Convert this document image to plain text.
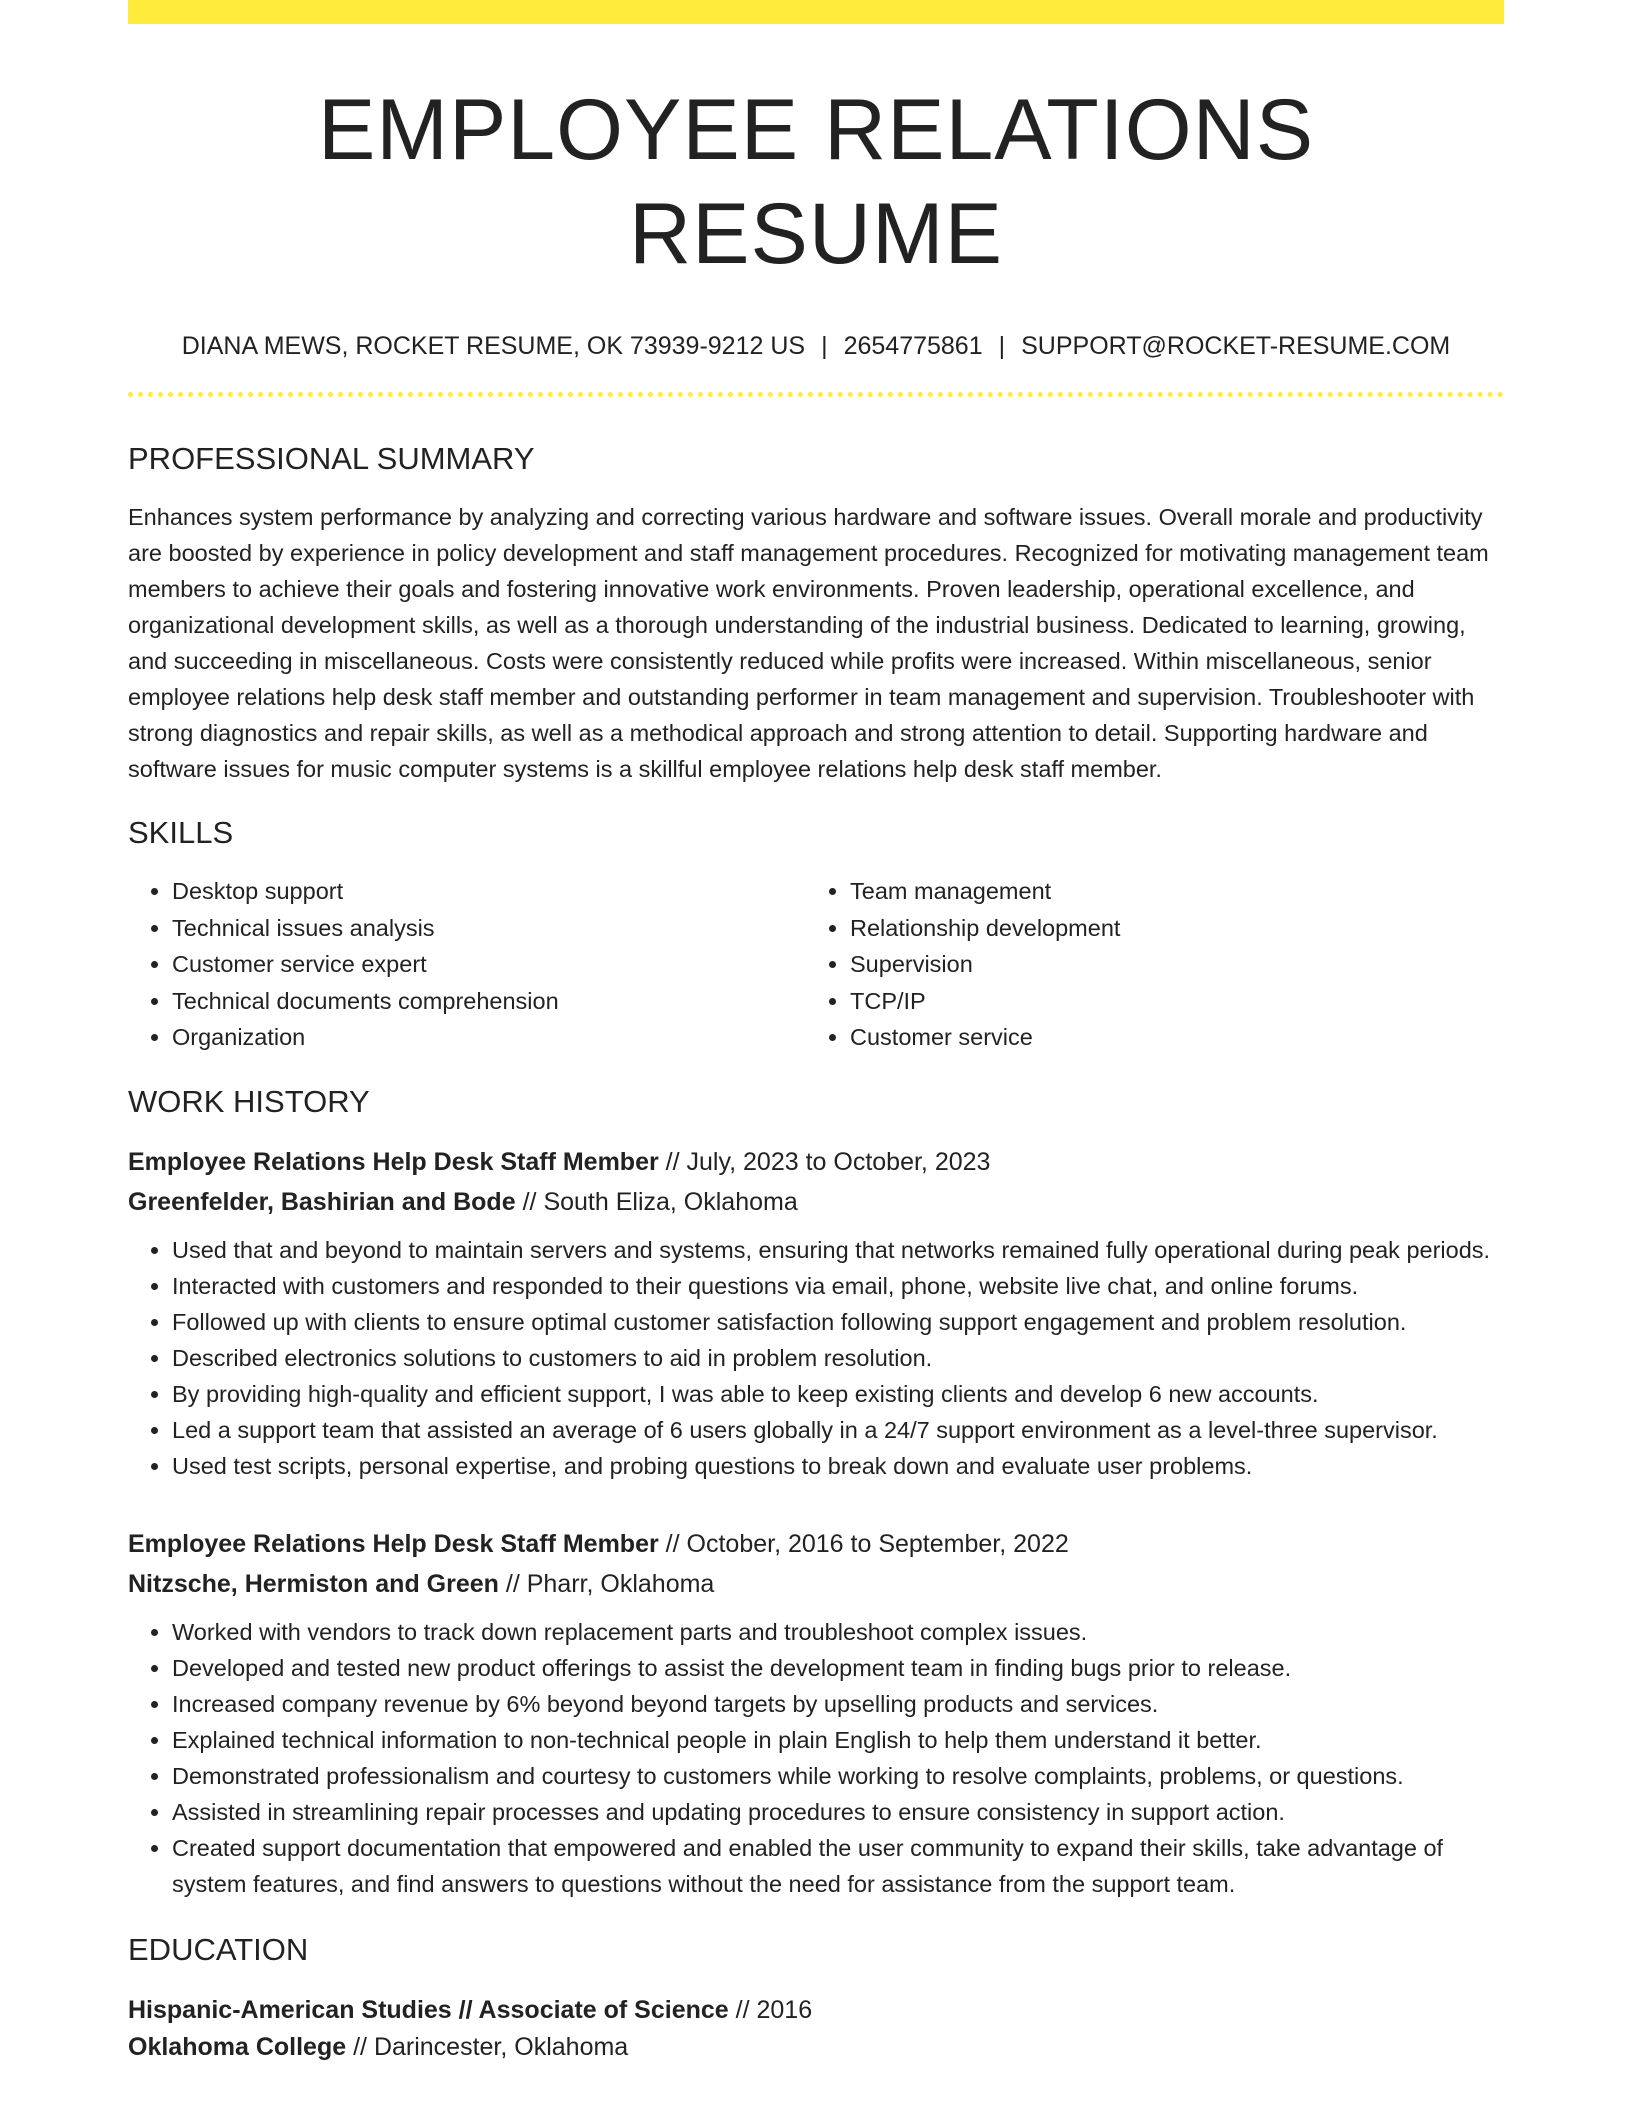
EMPLOYEE RELATIONS RESUME
DIANA MEWS, ROCKET RESUME, OK 73939-9212 US | 2654775861 | SUPPORT@ROCKET-RESUME.COM
PROFESSIONAL SUMMARY
Enhances system performance by analyzing and correcting various hardware and software issues. Overall morale and productivity are boosted by experience in policy development and staff management procedures. Recognized for motivating management team members to achieve their goals and fostering innovative work environments. Proven leadership, operational excellence, and organizational development skills, as well as a thorough understanding of the industrial business. Dedicated to learning, growing, and succeeding in miscellaneous. Costs were consistently reduced while profits were increased. Within miscellaneous, senior employee relations help desk staff member and outstanding performer in team management and supervision. Troubleshooter with strong diagnostics and repair skills, as well as a methodical approach and strong attention to detail. Supporting hardware and software issues for music computer systems is a skillful employee relations help desk staff member.
SKILLS
• Desktop support
• Technical issues analysis
• Customer service expert
• Technical documents comprehension
• Organization
• Team management
• Relationship development
• Supervision
• TCP/IP
• Customer service
WORK HISTORY
Employee Relations Help Desk Staff Member // July, 2023 to October, 2023
Greenfelder, Bashirian and Bode // South Eliza, Oklahoma
• Used that and beyond to maintain servers and systems, ensuring that networks remained fully operational during peak periods.
• Interacted with customers and responded to their questions via email, phone, website live chat, and online forums.
• Followed up with clients to ensure optimal customer satisfaction following support engagement and problem resolution.
• Described electronics solutions to customers to aid in problem resolution.
• By providing high-quality and efficient support, I was able to keep existing clients and develop 6 new accounts.
• Led a support team that assisted an average of 6 users globally in a 24/7 support environment as a level-three supervisor.
• Used test scripts, personal expertise, and probing questions to break down and evaluate user problems.
Employee Relations Help Desk Staff Member // October, 2016 to September, 2022
Nitzsche, Hermiston and Green // Pharr, Oklahoma
• Worked with vendors to track down replacement parts and troubleshoot complex issues.
• Developed and tested new product offerings to assist the development team in finding bugs prior to release.
• Increased company revenue by 6% beyond beyond targets by upselling products and services.
• Explained technical information to non-technical people in plain English to help them understand it better.
• Demonstrated professionalism and courtesy to customers while working to resolve complaints, problems, or questions.
• Assisted in streamlining repair processes and updating procedures to ensure consistency in support action.
• Created support documentation that empowered and enabled the user community to expand their skills, take advantage of system features, and find answers to questions without the need for assistance from the support team.
EDUCATION
Hispanic-American Studies // Associate of Science // 2016
Oklahoma College // Darincester, Oklahoma
